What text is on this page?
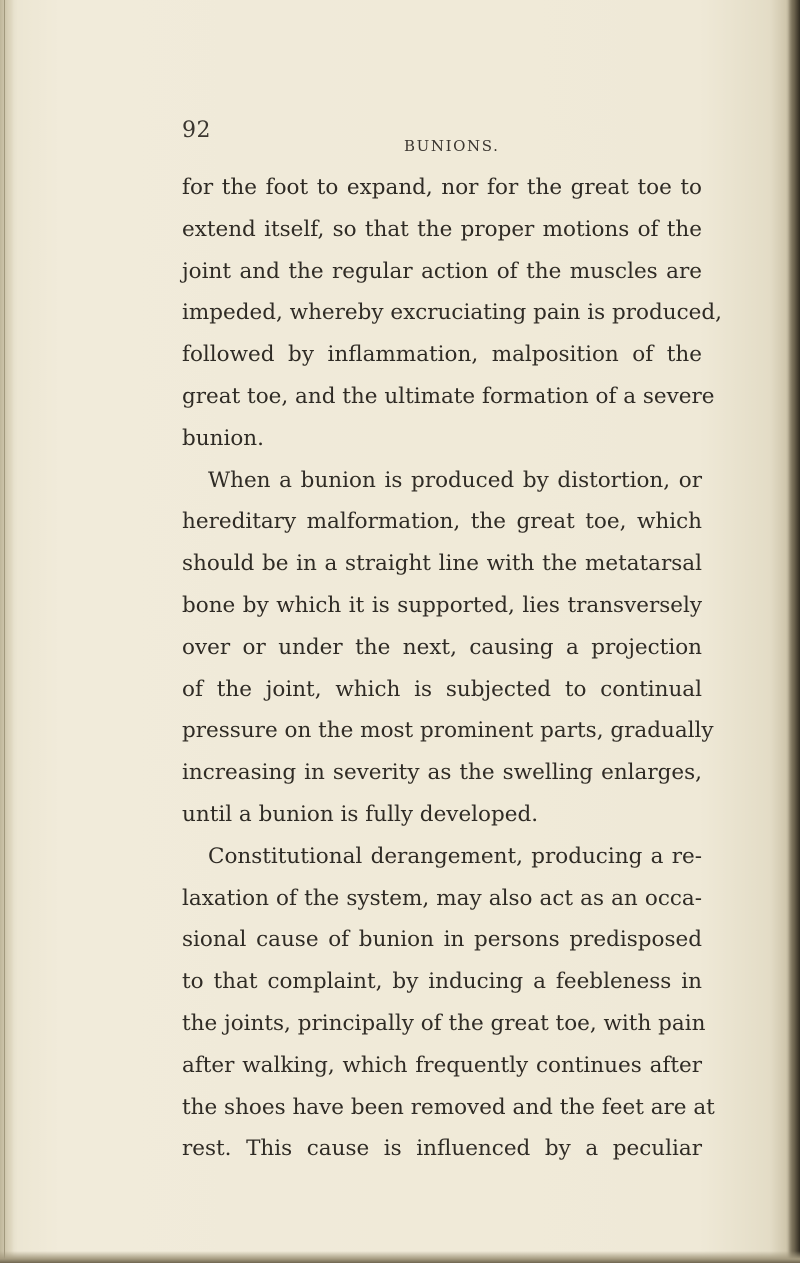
92
BUNIONS.
for the foot to expand, nor for the great toe to
extend itself, so that the proper motions of the
joint and the regular action of the muscles are
impeded, whereby excruciating pain is produced,
followed by inflammation, malposition of the
great toe, and the ultimate formation of a severe
bunion.
When a bunion is produced by distortion, or
hereditary malformation, the great toe, which
should be in a straight line with the metatarsal
bone by which it is supported, lies transversely
over or under the next, causing a projection
of the joint, which is subjected to continual
pressure on the most prominent parts, gradually
increasing in severity as the swelling enlarges,
until a bunion is fully developed.
Constitutional derangement, producing a re-
laxation of the system, may also act as an occa-
sional cause of bunion in persons predisposed
to that complaint, by inducing a feebleness in
the joints, principally of the great toe, with pain
after walking, which frequently continues after
the shoes have been removed and the feet are at
rest. This cause is influenced by a peculiar
